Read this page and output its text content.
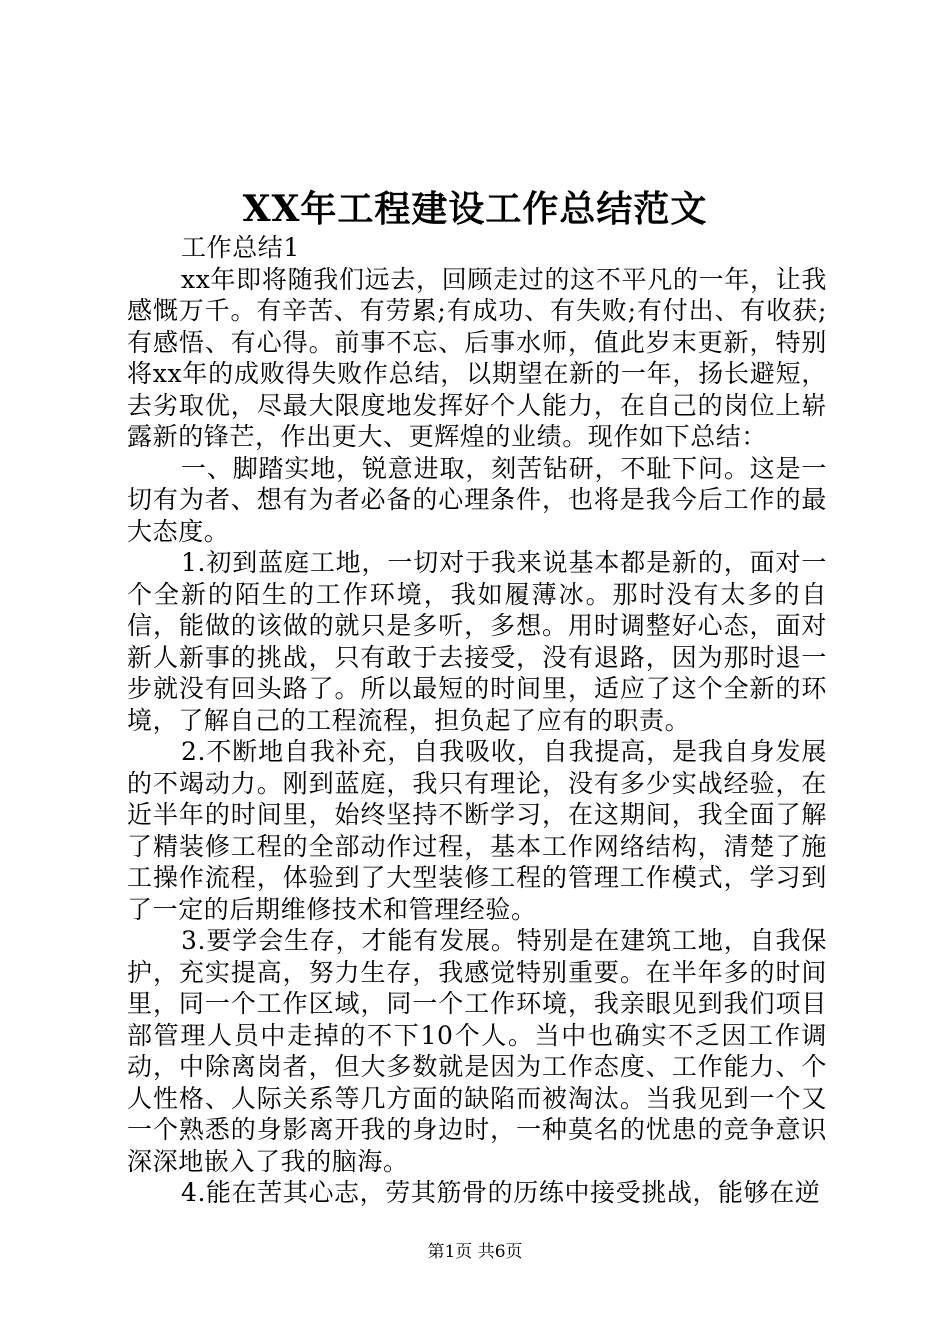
XX年工程建设工作总结范文

工作总结1

xx年即将随我们远去，回顾走过的这不平凡的一年，让我感慨万千。有辛苦、有劳累;有成功、有失败;有付出、有收获;有感悟、有心得。前事不忘、后事水师，值此岁末更新，特别将xx年的成败得失败作总结，以期望在新的一年，扬长避短，去劣取优，尽最大限度地发挥好个人能力，在自己的岗位上崭露新的锋芒，作出更大、更辉煌的业绩。现作如下总结：

一、脚踏实地，锐意进取，刻苦钻研，不耻下问。这是一切有为者、想有为者必备的心理条件，也将是我今后工作的最大态度。

1.初到蓝庭工地，一切对于我来说基本都是新的，面对一个全新的陌生的工作环境，我如履薄冰。那时没有太多的自信，能做的该做的就只是多听，多想。用时调整好心态，面对新人新事的挑战，只有敢于去接受，没有退路，因为那时退一步就没有回头路了。所以最短的时间里，适应了这个全新的环境，了解自己的工程流程，担负起了应有的职责。

2.不断地自我补充，自我吸收，自我提高，是我自身发展的不竭动力。刚到蓝庭，我只有理论，没有多少实战经验，在近半年的时间里，始终坚持不断学习，在这期间，我全面了解了精装修工程的全部动作过程，基本工作网络结构，清楚了施工操作流程，体验到了大型装修工程的管理工作模式，学习到了一定的后期维修技术和管理经验。

3.要学会生存，才能有发展。特别是在建筑工地，自我保护，充实提高，努力生存，我感觉特别重要。在半年多的时间里，同一个工作区域，同一个工作环境，我亲眼见到我们项目部管理人员中走掉的不下10个人。当中也确实不乏因工作调动，中除离岗者，但大多数就是因为工作态度、工作能力、个人性格、人际关系等几方面的缺陷而被淘汰。当我见到一个又一个熟悉的身影离开我的身边时，一种莫名的忧患的竞争意识深深地嵌入了我的脑海。

4.能在苦其心志，劳其筋骨的历练中接受挑战，能够在逆

第1页 共6页
